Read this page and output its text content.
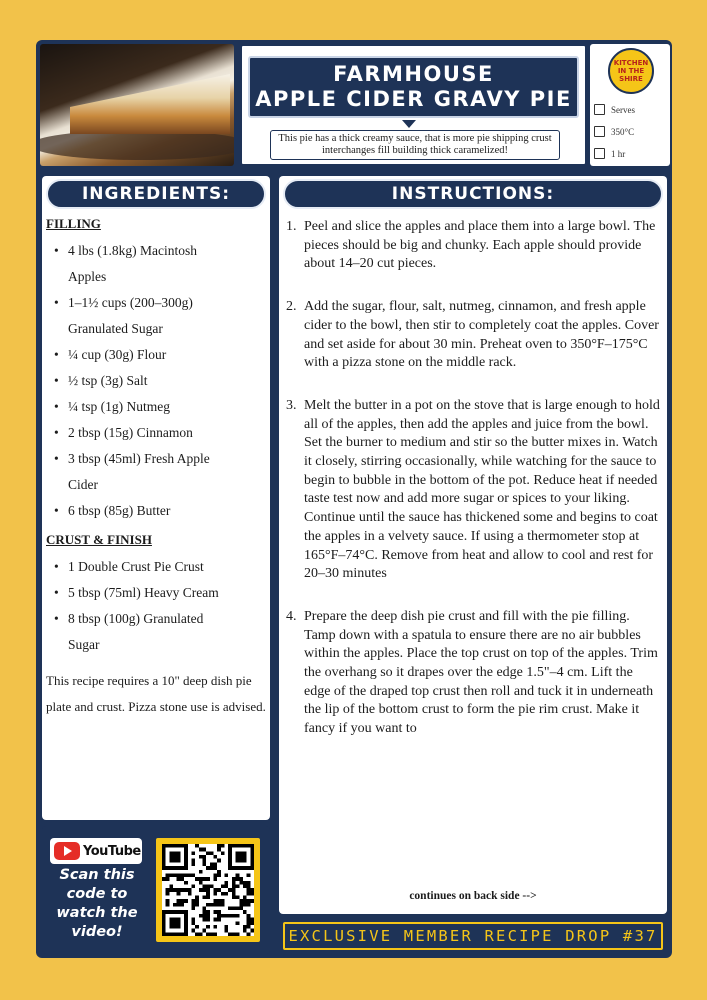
FARMHOUSE
APPLE CIDER GRAVY PIE
This pie has a thick creamy sauce, that is more pie shipping crust interchanges fill building thick caramelized!
KITCHEN
IN THE
SHIRE
Serves
350°C
1 hr
INGREDIENTS:
FILLING
• 4 lbs (1.8kg) Macintosh
Apples
• 1–1½ cups (200–300g)
Granulated Sugar
• ¼ cup (30g) Flour
• ½ tsp (3g) Salt
• ¼ tsp (1g) Nutmeg
• 2 tbsp (15g) Cinnamon
• 3 tbsp (45ml) Fresh Apple
Cider
• 6 tbsp (85g) Butter
CRUST & FINISH
• 1 Double Crust Pie Crust
• 5 tbsp (75ml) Heavy Cream
• 8 tbsp (100g) Granulated
Sugar

This recipe requires a 10" deep dish pie plate and crust. Pizza stone use is advised.

YouTube
Scan this code to watch the video!
INSTRUCTIONS:
1. Peel and slice the apples and place them into a large bowl. The pieces should be big and chunky. Each apple should provide about 14–20 cut pieces.
2. Add the sugar, flour, salt, nutmeg, cinnamon, and fresh apple cider to the bowl, then stir to completely coat the apples. Cover and set aside for about 30 min. Preheat oven to 350°F–175°C with a pizza stone on the middle rack.
3. Melt the butter in a pot on the stove that is large enough to hold all of the apples, then add the apples and juice from the bowl. Set the burner to medium and stir so the butter mixes in. Watch it closely, stirring occasionally, while watching for the sauce to begin to bubble in the bottom of the pot. Reduce heat if needed taste test now and add more sugar or spices to your liking. Continue until the sauce has thickened some and begins to coat the apples in a velvety sauce. If using a thermometer stop at 165°F–74°C. Remove from heat and allow to cool and rest for 20–30 minutes
4. Prepare the deep dish pie crust and fill with the pie filling. Tamp down with a spatula to ensure there are no air bubbles within the apples. Place the top crust on top of the apples. Trim the overhang so it drapes over the edge 1.5"–4 cm. Lift the edge of the draped top crust then roll and tuck it in underneath the lip of the bottom crust to form the pie rim crust. Make it fancy if you want to
continues on back side -->
EXCLUSIVE MEMBER RECIPE DROP #37
